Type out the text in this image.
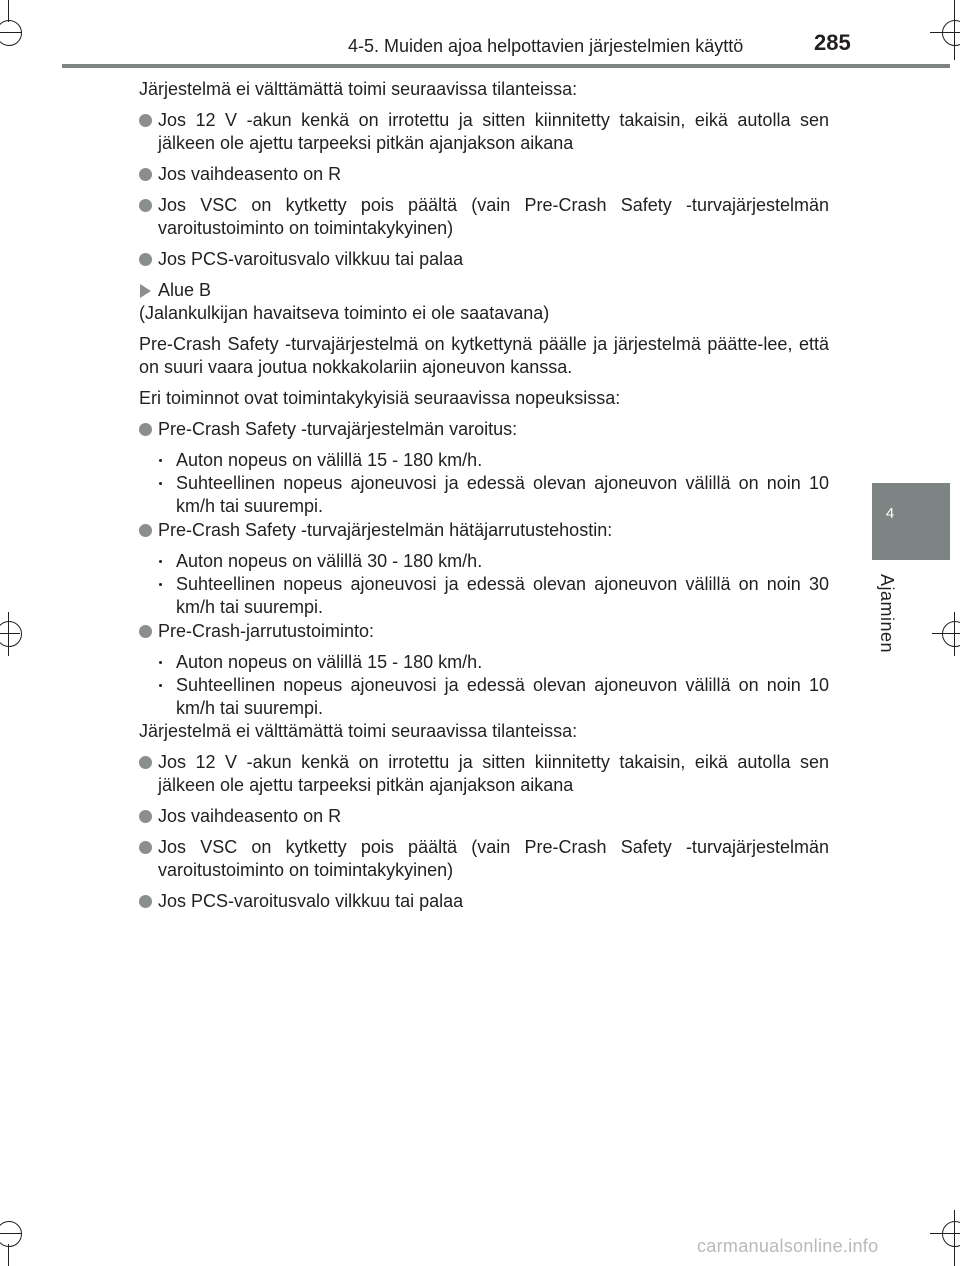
4-5. Muiden ajoa helpottavien järjestelmien käyttö	285
4
Ajaminen

Järjestelmä ei välttämättä toimi seuraavissa tilanteissa:

Jos 12 V -akun kenkä on irrotettu ja sitten kiinnitetty takaisin, eikä autolla sen jälkeen ole ajettu tarpeeksi pitkän ajanjakson aikana

Jos vaihdeasento on R

Jos VSC on kytketty pois päältä (vain Pre-Crash Safety -turvajärjestelmän varoitustoiminto on toimintakykyinen)

Jos PCS-varoitusvalo vilkkuu tai palaa

Alue B

(Jalankulkijan havaitseva toiminto ei ole saatavana)

Pre-Crash Safety -turvajärjestelmä on kytkettynä päälle ja järjestelmä päätte-lee, että on suuri vaara joutua nokkakolariin ajoneuvon kanssa.

Eri toiminnot ovat toimintakykyisiä seuraavissa nopeuksissa:

Pre-Crash Safety -turvajärjestelmän varoitus:

Auton nopeus on välillä 15 - 180 km/h.

Suhteellinen nopeus ajoneuvosi ja edessä olevan ajoneuvon välillä on noin 10 km/h tai suurempi.

Pre-Crash Safety -turvajärjestelmän hätäjarrutustehostin:

Auton nopeus on välillä 30 - 180 km/h.

Suhteellinen nopeus ajoneuvosi ja edessä olevan ajoneuvon välillä on noin 30 km/h tai suurempi.

Pre-Crash-jarrutustoiminto:

Auton nopeus on välillä 15 - 180 km/h.

Suhteellinen nopeus ajoneuvosi ja edessä olevan ajoneuvon välillä on noin 10 km/h tai suurempi.

Järjestelmä ei välttämättä toimi seuraavissa tilanteissa:

Jos 12 V -akun kenkä on irrotettu ja sitten kiinnitetty takaisin, eikä autolla sen jälkeen ole ajettu tarpeeksi pitkän ajanjakson aikana

Jos vaihdeasento on R

Jos VSC on kytketty pois päältä (vain Pre-Crash Safety -turvajärjestelmän varoitustoiminto on toimintakykyinen)

Jos PCS-varoitusvalo vilkkuu tai palaa

carmanualsonline.info
